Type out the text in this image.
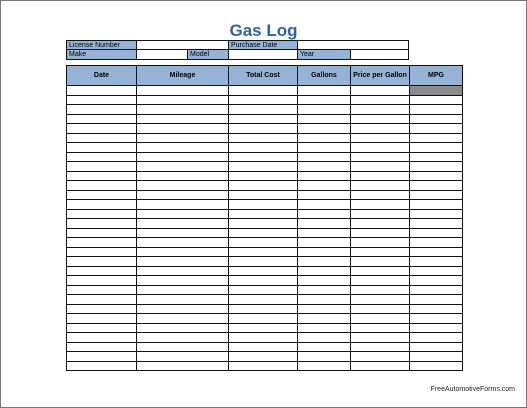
Gas Log
License Number	Purchase Date
Make	Model	Year
Date	Mileage	Total Cost	Gallons	Price per Gallon	MPG

FreeAutomotiveForms.com
